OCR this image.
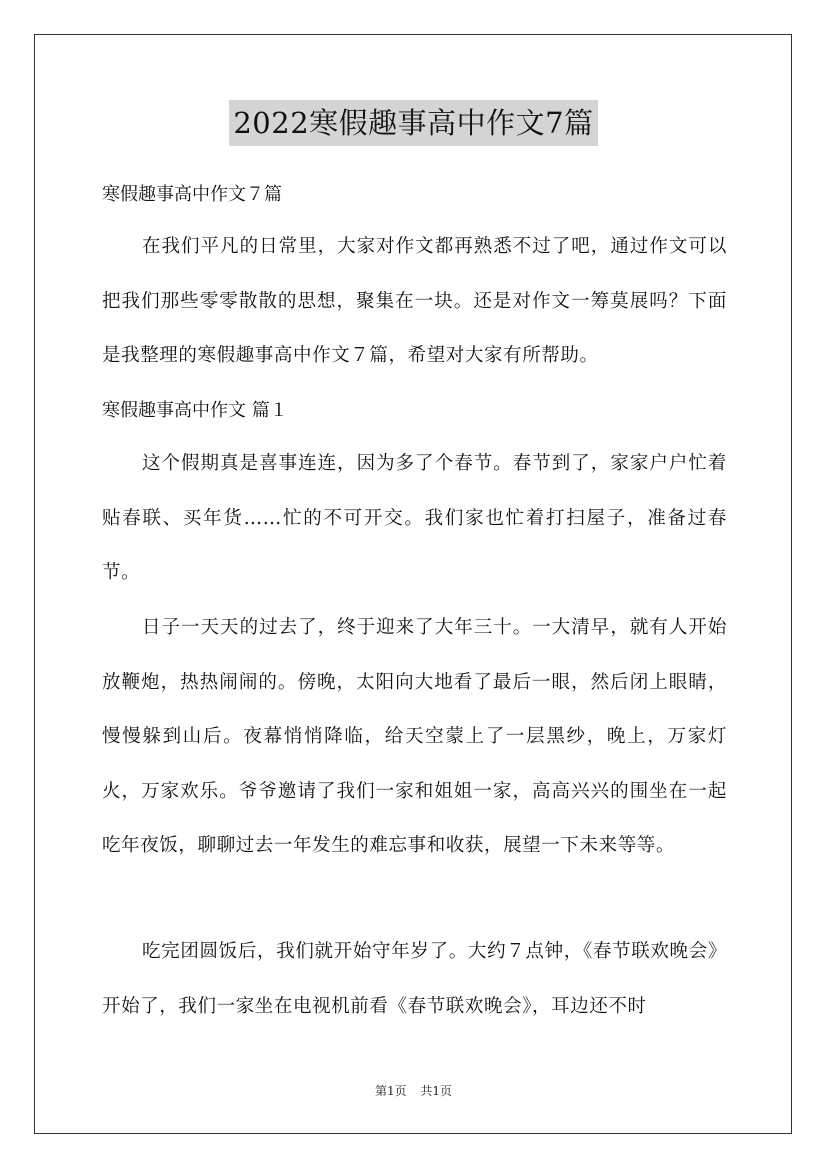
2022寒假趣事高中作文7篇
寒假趣事高中作文７篇

在我们平凡的日常里，大家对作文都再熟悉不过了吧，通过作文可以把我们那些零零散散的思想，聚集在一块。还是对作文一筹莫展吗？下面是我整理的寒假趣事高中作文７篇，希望对大家有所帮助。

寒假趣事高中作文 篇１

这个假期真是喜事连连，因为多了个春节。春节到了，家家户户忙着贴春联、买年货……忙的不可开交。我们家也忙着打扫屋子，准备过春节。

日子一天天的过去了，终于迎来了大年三十。一大清早，就有人开始放鞭炮，热热闹闹的。傍晚，太阳向大地看了最后一眼，然后闭上眼睛，慢慢躲到山后。夜幕悄悄降临，给天空蒙上了一层黑纱，晚上，万家灯火，万家欢乐。爷爷邀请了我们一家和姐姐一家，高高兴兴的围坐在一起吃年夜饭，聊聊过去一年发生的难忘事和收获，展望一下未来等等。

吃完团圆饭后，我们就开始守年岁了。大约７点钟，《春节联欢晚会》开始了，我们一家坐在电视机前看《春节联欢晚会》，耳边还不时

第1页 共1页
